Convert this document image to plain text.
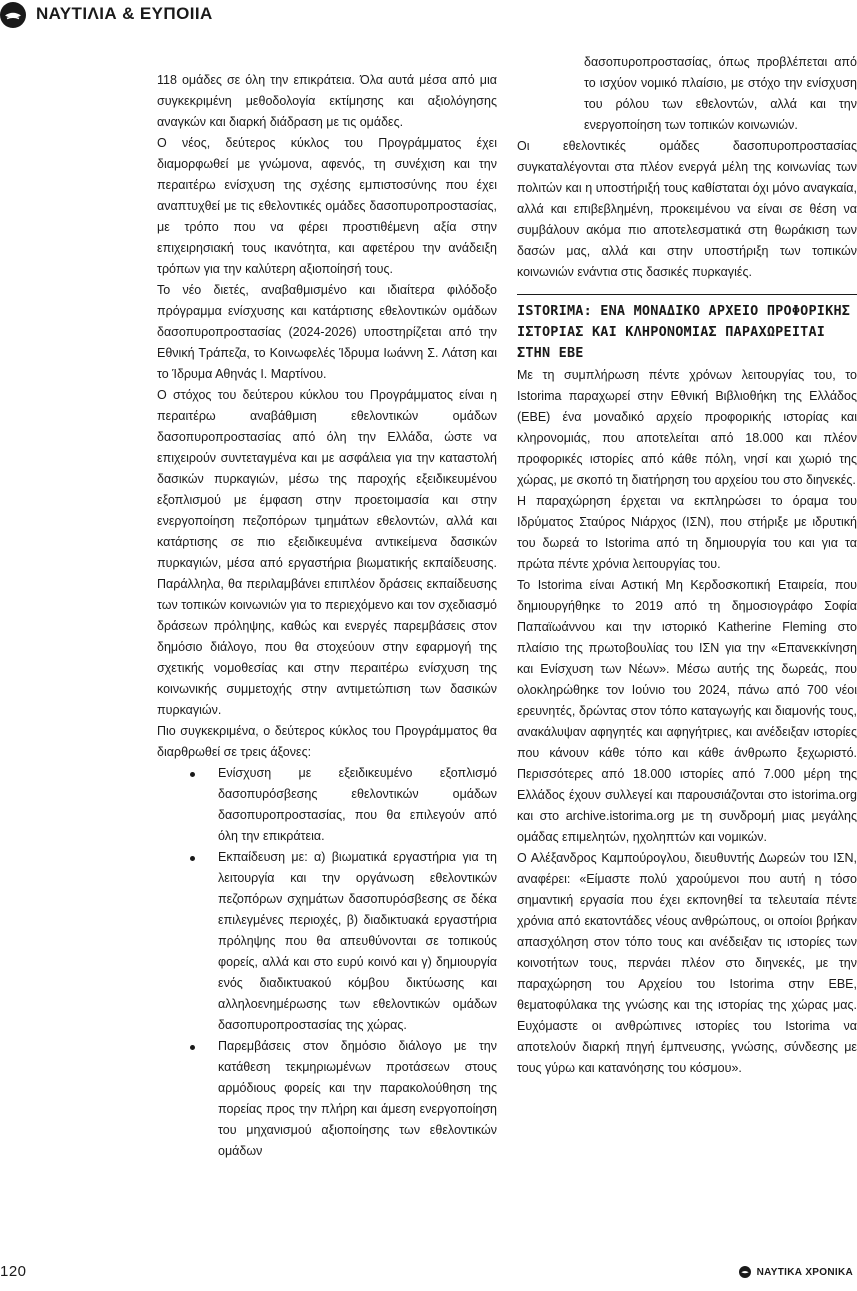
ΝΑΥΤΙΛΙΑ & ΕΥΠΟΙΙΑ

118 ομάδες σε όλη την επικράτεια. Όλα αυτά μέσα από μια συγκεκριμένη μεθοδολογία εκτίμησης και αξιολόγησης αναγκών και διαρκή διάδραση με τις ομάδες.

Ο νέος, δεύτερος κύκλος του Προγράμματος έχει διαμορφωθεί με γνώμονα, αφενός, τη συνέχιση και την περαιτέρω ενίσχυση της σχέσης εμπιστοσύνης που έχει αναπτυχθεί με τις εθελοντικές ομάδες δασοπυροπροστασίας, με τρόπο που να φέρει προστιθέμενη αξία στην επιχειρησιακή τους ικανότητα, και αφετέρου την ανάδειξη τρόπων για την καλύτερη αξιοποίησή τους.

Το νέο διετές, αναβαθμισμένο και ιδιαίτερα φιλόδοξο πρόγραμμα ενίσχυσης και κατάρτισης εθελοντικών ομάδων δασοπυροπροστασίας (2024-2026) υποστηρίζεται από την Εθνική Τράπεζα, το Κοινωφελές Ίδρυμα Ιωάννη Σ. Λάτση και το Ίδρυμα Αθηνάς Ι. Μαρτίνου.

Ο στόχος του δεύτερου κύκλου του Προγράμματος είναι η περαιτέρω αναβάθμιση εθελοντικών ομάδων δασοπυροπροστασίας από όλη την Ελλάδα, ώστε να επιχειρούν συντεταγμένα και με ασφάλεια για την καταστολή δασικών πυρκαγιών, μέσω της παροχής εξειδικευμένου εξοπλισμού με έμφαση στην προετοιμασία και στην ενεργοποίηση πεζοπόρων τμημάτων εθελοντών, αλλά και κατάρτισης σε πιο εξειδικευμένα αντικείμενα δασικών πυρκαγιών, μέσα από εργαστήρια βιωματικής εκπαίδευσης. Παράλληλα, θα περιλαμβάνει επιπλέον δράσεις εκπαίδευσης των τοπικών κοινωνιών για το περιεχόμενο και τον σχεδιασμό δράσεων πρόληψης, καθώς και ενεργές παρεμβάσεις στον δημόσιο διάλογο, που θα στοχεύουν στην εφαρμογή της σχετικής νομοθεσίας και στην περαιτέρω ενίσχυση της κοινωνικής συμμετοχής στην αντιμετώπιση των δασικών πυρκαγιών.

Πιο συγκεκριμένα, ο δεύτερος κύκλος του Προγράμματος θα διαρθρωθεί σε τρεις άξονες:

Ενίσχυση με εξειδικευμένο εξοπλισμό δασοπυρόσβεσης εθελοντικών ομάδων δασοπυροπροστασίας, που θα επιλεγούν από όλη την επικράτεια.
Εκπαίδευση με: α) βιωματικά εργαστήρια για τη λειτουργία και την οργάνωση εθελοντικών πεζοπόρων σχημάτων δασοπυρόσβεσης σε δέκα επιλεγμένες περιοχές, β) διαδικτυακά εργαστήρια πρόληψης που θα απευθύνονται σε τοπικούς φορείς, αλλά και στο ευρύ κοινό και γ) δημιουργία ενός διαδικτυακού κόμβου δικτύωσης και αλληλοενημέρωσης των εθελοντικών ομάδων δασοπυροπροστασίας της χώρας.
Παρεμβάσεις στον δημόσιο διάλογο με την κατάθεση τεκμηριωμένων προτάσεων στους αρμόδιους φορείς και την παρακολούθηση της πορείας προς την πλήρη και άμεση ενεργοποίηση του μηχανισμού αξιοποίησης των εθελοντικών ομάδων

δασοπυροπροστασίας, όπως προβλέπεται από το ισχύον νομικό πλαίσιο, με στόχο την ενίσχυση του ρόλου των εθελοντών, αλλά και την ενεργοποίηση των τοπικών κοινωνιών.

Οι εθελοντικές ομάδες δασοπυροπροστασίας συγκαταλέγονται στα πλέον ενεργά μέλη της κοινωνίας των πολιτών και η υποστήριξή τους καθίσταται όχι μόνο αναγκαία, αλλά και επιβεβλημένη, προκειμένου να είναι σε θέση να συμβάλουν ακόμα πιο αποτελεσματικά στη θωράκιση των δασών μας, αλλά και στην υποστήριξη των τοπικών κοινωνιών ενάντια στις δασικές πυρκαγιές.

ISTORIMA: ΕΝΑ ΜΟΝΑΔΙΚΟ ΑΡΧΕΙΟ ΠΡΟΦΟΡΙΚΗΣ ΙΣΤΟΡΙΑΣ ΚΑΙ ΚΛΗΡΟΝΟΜΙΑΣ ΠΑΡΑΧΩΡΕΙΤΑΙ ΣΤΗΝ ΕΒΕ

Με τη συμπλήρωση πέντε χρόνων λειτουργίας του, το Istorima παραχωρεί στην Εθνική Βιβλιοθήκη της Ελλάδος (ΕΒΕ) ένα μοναδικό αρχείο προφορικής ιστορίας και κληρονομιάς, που αποτελείται από 18.000 και πλέον προφορικές ιστορίες από κάθε πόλη, νησί και χωριό της χώρας, με σκοπό τη διατήρηση του αρχείου του στο διηνεκές.

Η παραχώρηση έρχεται να εκπληρώσει το όραμα του Ιδρύματος Σταύρος Νιάρχος (ΙΣΝ), που στήριξε με ιδρυτική του δωρεά το Istorima από τη δημιουργία του και για τα πρώτα πέντε χρόνια λειτουργίας του.

Το Istorima είναι Αστική Μη Κερδοσκοπική Εταιρεία, που δημιουργήθηκε το 2019 από τη δημοσιογράφο Σοφία Παπαϊωάννου και την ιστορικό Katherine Fleming στο πλαίσιο της πρωτοβουλίας του ΙΣΝ για την «Επανεκκίνηση και Ενίσχυση των Νέων». Μέσω αυτής της δωρεάς, που ολοκληρώθηκε τον Ιούνιο του 2024, πάνω από 700 νέοι ερευνητές, δρώντας στον τόπο καταγωγής και διαμονής τους, ανακάλυψαν αφηγητές και αφηγήτριες, και ανέδειξαν ιστορίες που κάνουν κάθε τόπο και κάθε άνθρωπο ξεχωριστό. Περισσότερες από 18.000 ιστορίες από 7.000 μέρη της Ελλάδος έχουν συλλεγεί και παρουσιάζονται στο istorima.org και στο archive.istorima.org με τη συνδρομή μιας μεγάλης ομάδας επιμελητών, ηχοληπτών και νομικών.

Ο Αλέξανδρος Καμπούρογλου, διευθυντής Δωρεών του ΙΣΝ, αναφέρει: «Είμαστε πολύ χαρούμενοι που αυτή η τόσο σημαντική εργασία που έχει εκπονηθεί τα τελευταία πέντε χρόνια από εκατοντάδες νέους ανθρώπους, οι οποίοι βρήκαν απασχόληση στον τόπο τους και ανέδειξαν τις ιστορίες των κοινοτήτων τους, περνάει πλέον στο διηνεκές, με την παραχώρηση του Αρχείου του Istorima στην ΕΒΕ, θεματοφύλακα της γνώσης και της ιστορίας της χώρας μας. Ευχόμαστε οι ανθρώπινες ιστορίες του Istorima να αποτελούν διαρκή πηγή έμπνευσης, γνώσης, σύνδεσης με τους γύρω και κατανόησης του κόσμου».

120	ΝΑΥΤΙΚΑ ΧΡΟΝΙΚΑ
